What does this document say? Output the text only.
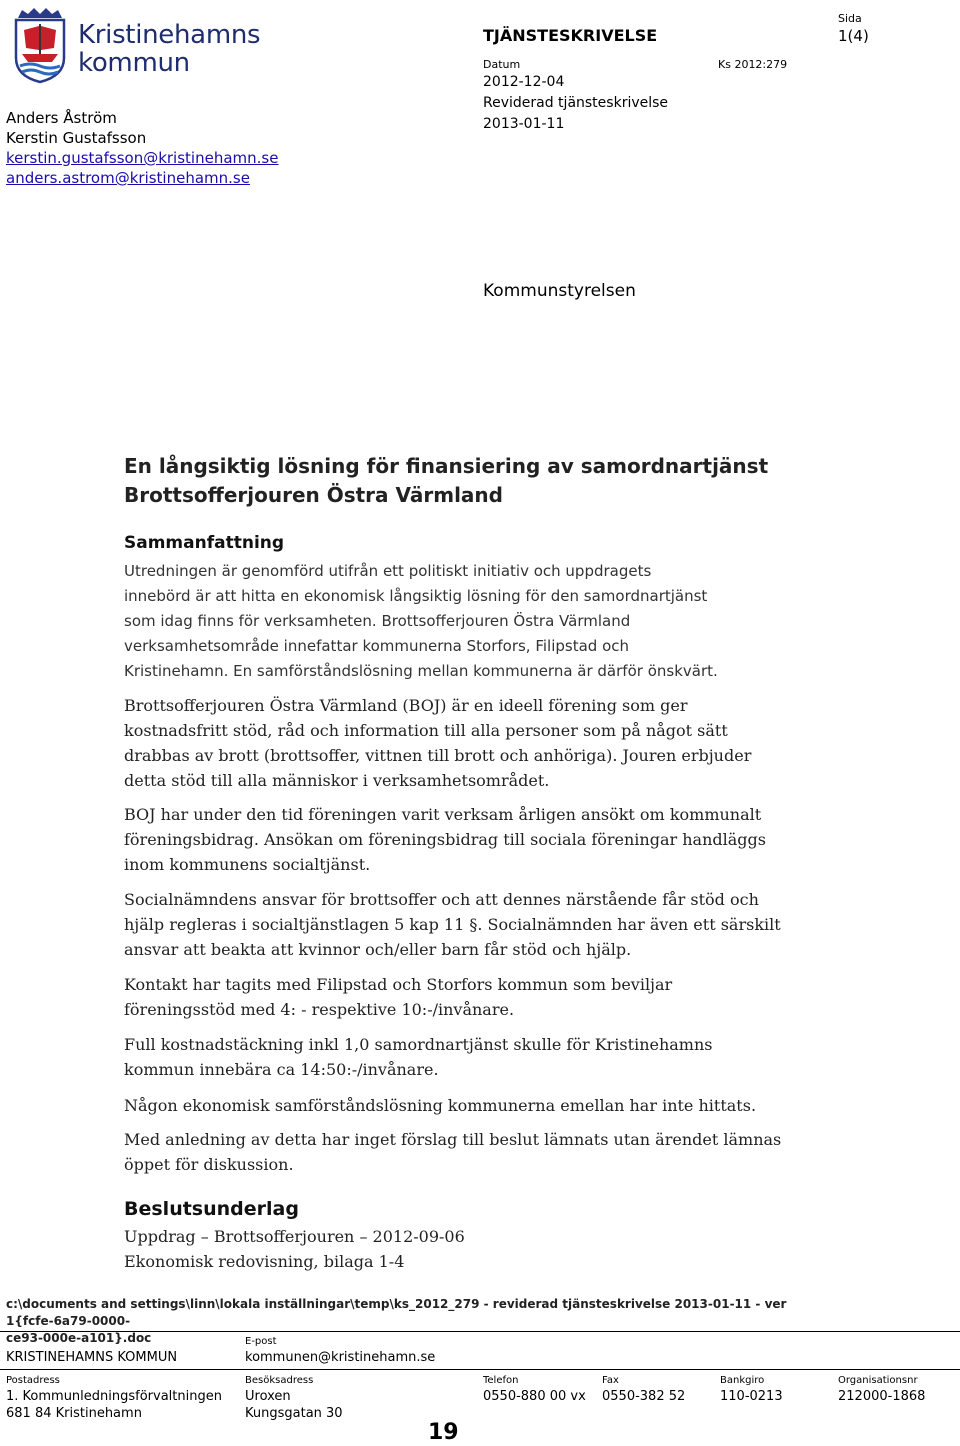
Kristinehamns
kommun
Anders Åström
Kerstin Gustafsson
kerstin.gustafsson@kristinehamn.se
anders.astrom@kristinehamn.se
TJÄNSTESKRIVELSE
Datum	Ks 2012:279
2012-12-04
Reviderad tjänsteskrivelse
2013-01-11
Sida
1(4)
Kommunstyrelsen
En långsiktig lösning för finansiering av samordnartjänst
Brottsofferjouren Östra Värmland
Sammanfattning
Utredningen är genomförd utifrån ett politiskt initiativ och uppdragets
innebörd är att hitta en ekonomisk långsiktig lösning för den samordnartjänst
som idag finns för verksamheten. Brottsofferjouren Östra Värmland
verksamhetsområde innefattar kommunerna Storfors, Filipstad och
Kristinehamn. En samförståndslösning mellan kommunerna är därför önskvärt.
Brottsofferjouren Östra Värmland (BOJ) är en ideell förening som ger
kostnadsfritt stöd, råd och information till alla personer som på något sätt
drabbas av brott (brottsoffer, vittnen till brott och anhöriga). Jouren erbjuder
detta stöd till alla människor i verksamhetsområdet.
BOJ har under den tid föreningen varit verksam årligen ansökt om kommunalt
föreningsbidrag. Ansökan om föreningsbidrag till sociala föreningar handläggs
inom kommunens socialtjänst.
Socialnämndens ansvar för brottsoffer och att dennes närstående får stöd och
hjälp regleras i socialtjänstlagen 5 kap 11 §. Socialnämnden har även ett särskilt
ansvar att beakta att kvinnor och/eller barn får stöd och hjälp.
Kontakt har tagits med Filipstad och Storfors kommun som beviljar
föreningsstöd med 4: - respektive 10:-/invånare.
Full kostnadstäckning inkl 1,0 samordnartjänst skulle för Kristinehamns
kommun innebära ca 14:50:-/invånare.
Någon ekonomisk samförståndslösning kommunerna emellan har inte hittats.
Med anledning av detta har inget förslag till beslut lämnats utan ärendet lämnas
öppet för diskussion.
Beslutsunderlag
Uppdrag – Brottsofferjouren – 2012-09-06
Ekonomisk redovisning, bilaga 1-4
c:\documents and settings\linn\lokala inställningar\temp\ks_2012_279 - reviderad tjänsteskrivelse 2013-01-11 - ver 1{fcfe-6a79-0000-
ce93-000e-a101}.doc
KRISTINEHAMNS KOMMUN
E-post
kommunen@kristinehamn.se
Postadress
1. Kommunledningsförvaltningen
681 84 Kristinehamn
Besöksadress
Uroxen
Kungsgatan 30
Telefon
0550-880 00 vx
Fax
0550-382 52
Bankgiro
110-0213
Organisationsnr
212000-1868
19
